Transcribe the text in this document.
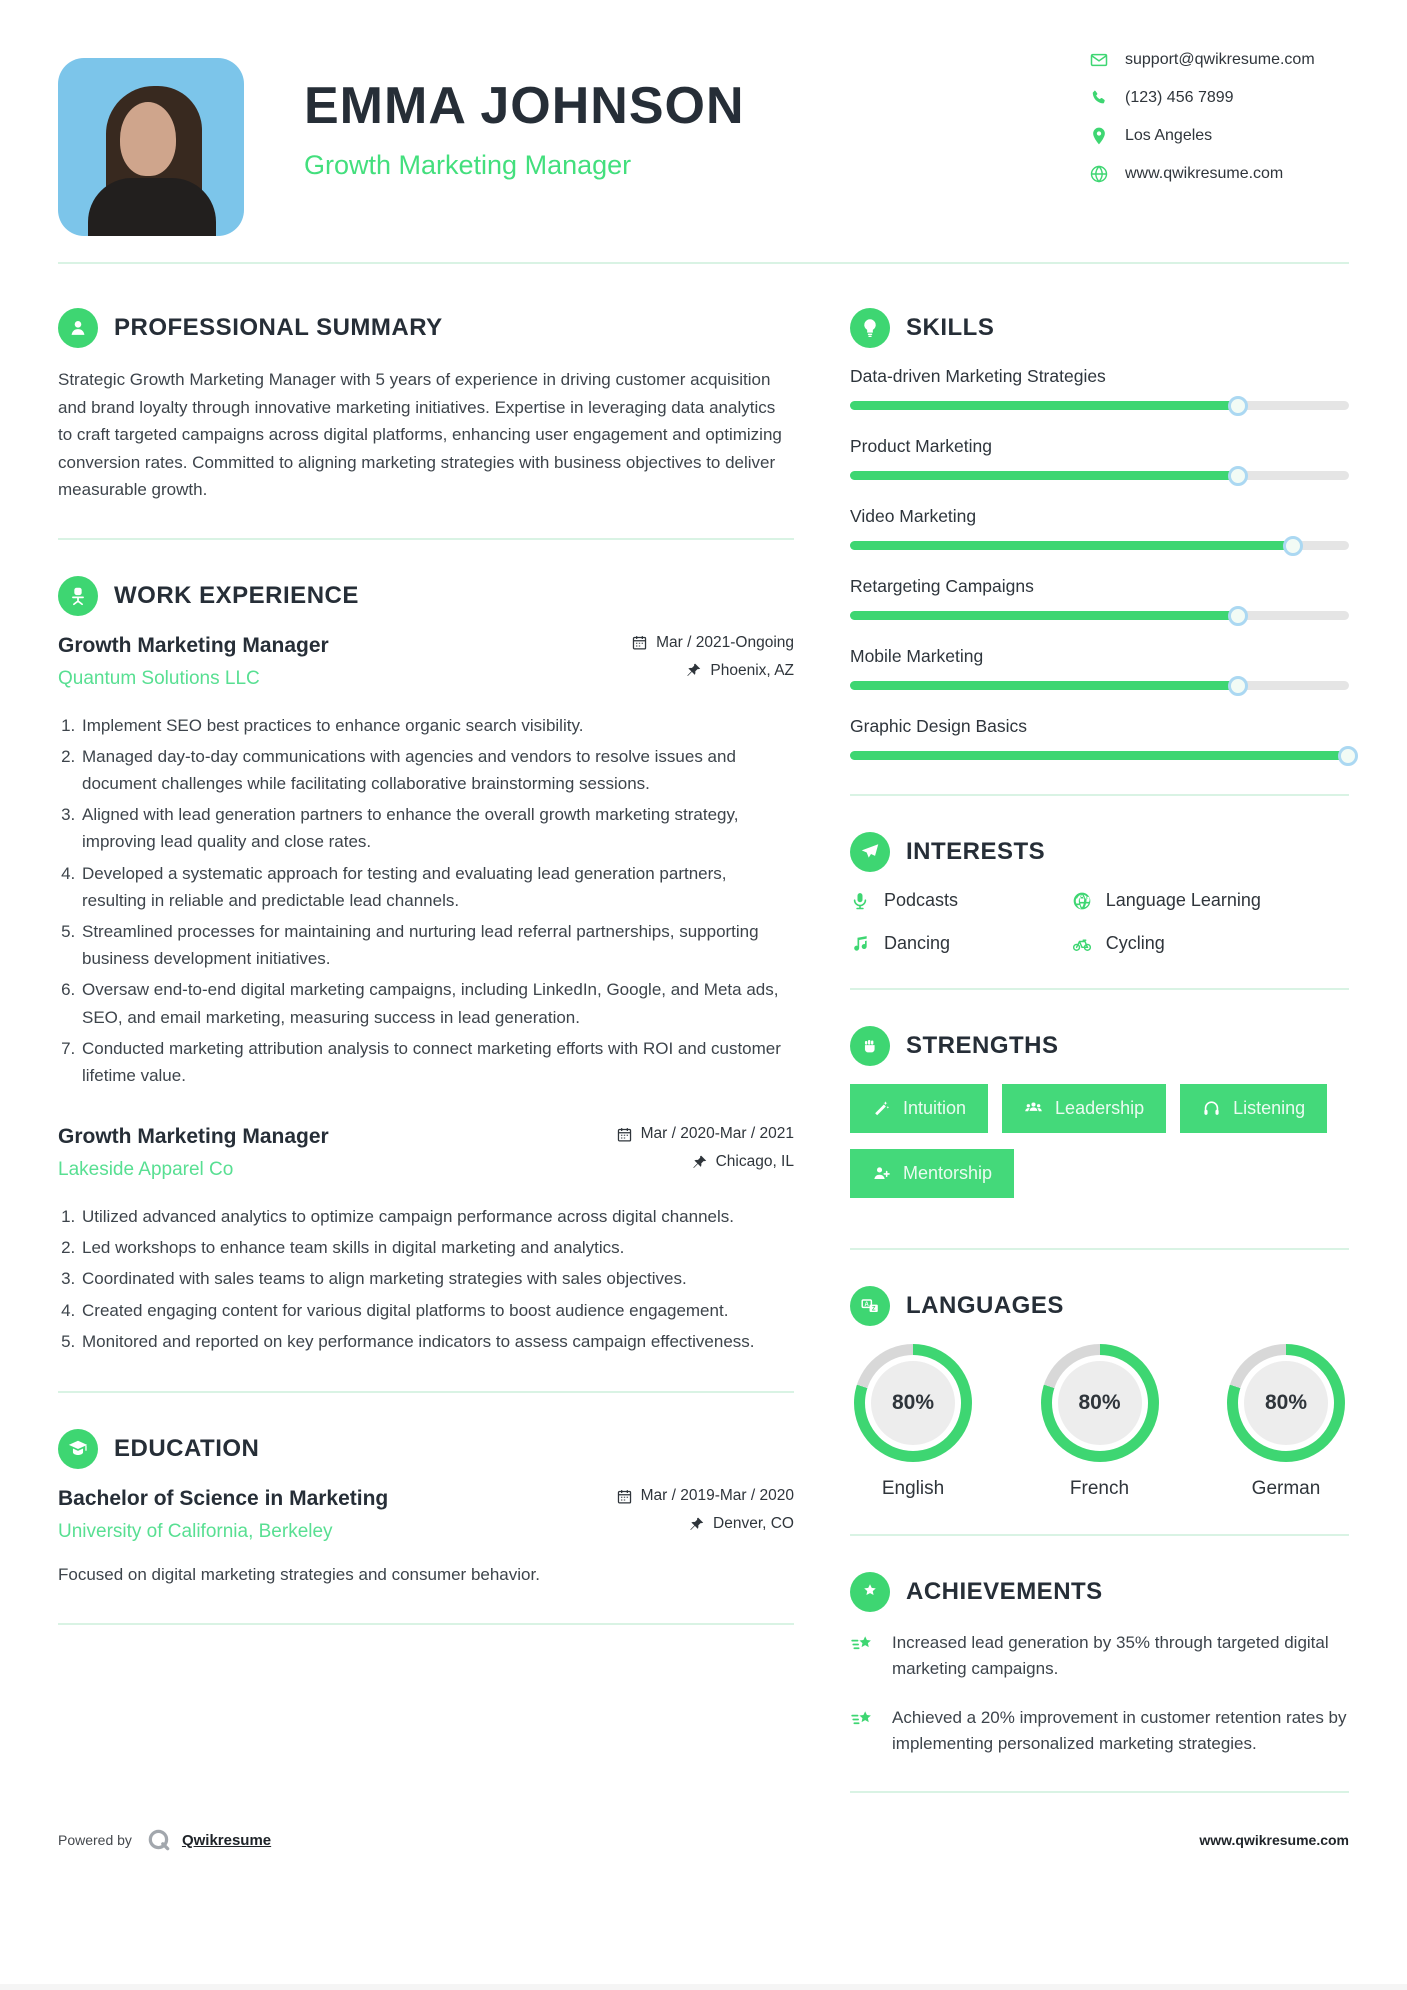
EMMA JOHNSON
Growth Marketing Manager
support@qwikresume.com
(123) 456 7899
Los Angeles
www.qwikresume.com
PROFESSIONAL SUMMARY

Strategic Growth Marketing Manager with 5 years of experience in driving customer acquisition and brand loyalty through innovative marketing initiatives. Expertise in leveraging data analytics to craft targeted campaigns across digital platforms, enhancing user engagement and optimizing conversion rates. Committed to aligning marketing strategies with business objectives to deliver measurable growth.

WORK EXPERIENCE
Growth Marketing Manager
Quantum Solutions LLC
Mar / 2021-Ongoing
Phoenix, AZ
1. Implement SEO best practices to enhance organic search visibility.
2. Managed day-to-day communications with agencies and vendors to resolve issues and document challenges while facilitating collaborative brainstorming sessions.
3. Aligned with lead generation partners to enhance the overall growth marketing strategy, improving lead quality and close rates.
4. Developed a systematic approach for testing and evaluating lead generation partners, resulting in reliable and predictable lead channels.
5. Streamlined processes for maintaining and nurturing lead referral partnerships, supporting business development initiatives.
6. Oversaw end-to-end digital marketing campaigns, including LinkedIn, Google, and Meta ads, SEO, and email marketing, measuring success in lead generation.
7. Conducted marketing attribution analysis to connect marketing efforts with ROI and customer lifetime value.
Growth Marketing Manager
Lakeside Apparel Co
Mar / 2020-Mar / 2021
Chicago, IL
1. Utilized advanced analytics to optimize campaign performance across digital channels.
2. Led workshops to enhance team skills in digital marketing and analytics.
3. Coordinated with sales teams to align marketing strategies with sales objectives.
4. Created engaging content for various digital platforms to boost audience engagement.
5. Monitored and reported on key performance indicators to assess campaign effectiveness.
EDUCATION
Bachelor of Science in Marketing
University of California, Berkeley
Mar / 2019-Mar / 2020
Denver, CO

Focused on digital marketing strategies and consumer behavior.

SKILLS
Data-driven Marketing Strategies
Product Marketing
Video Marketing
Retargeting Campaigns
Mobile Marketing
Graphic Design Basics
INTERESTS
Podcasts	Language Learning
Dancing	Cycling
STRENGTHS
Intuition	Leadership	Listening
Mentorship
A
Z LANGUAGES
80%
English
80%
French
80%
German
ACHIEVEMENTS

Increased lead generation by 35% through targeted digital marketing campaigns.

Achieved a 20% improvement in customer retention rates by implementing personalized marketing strategies.

Powered by	Qwikresume	www.qwikresume.com
